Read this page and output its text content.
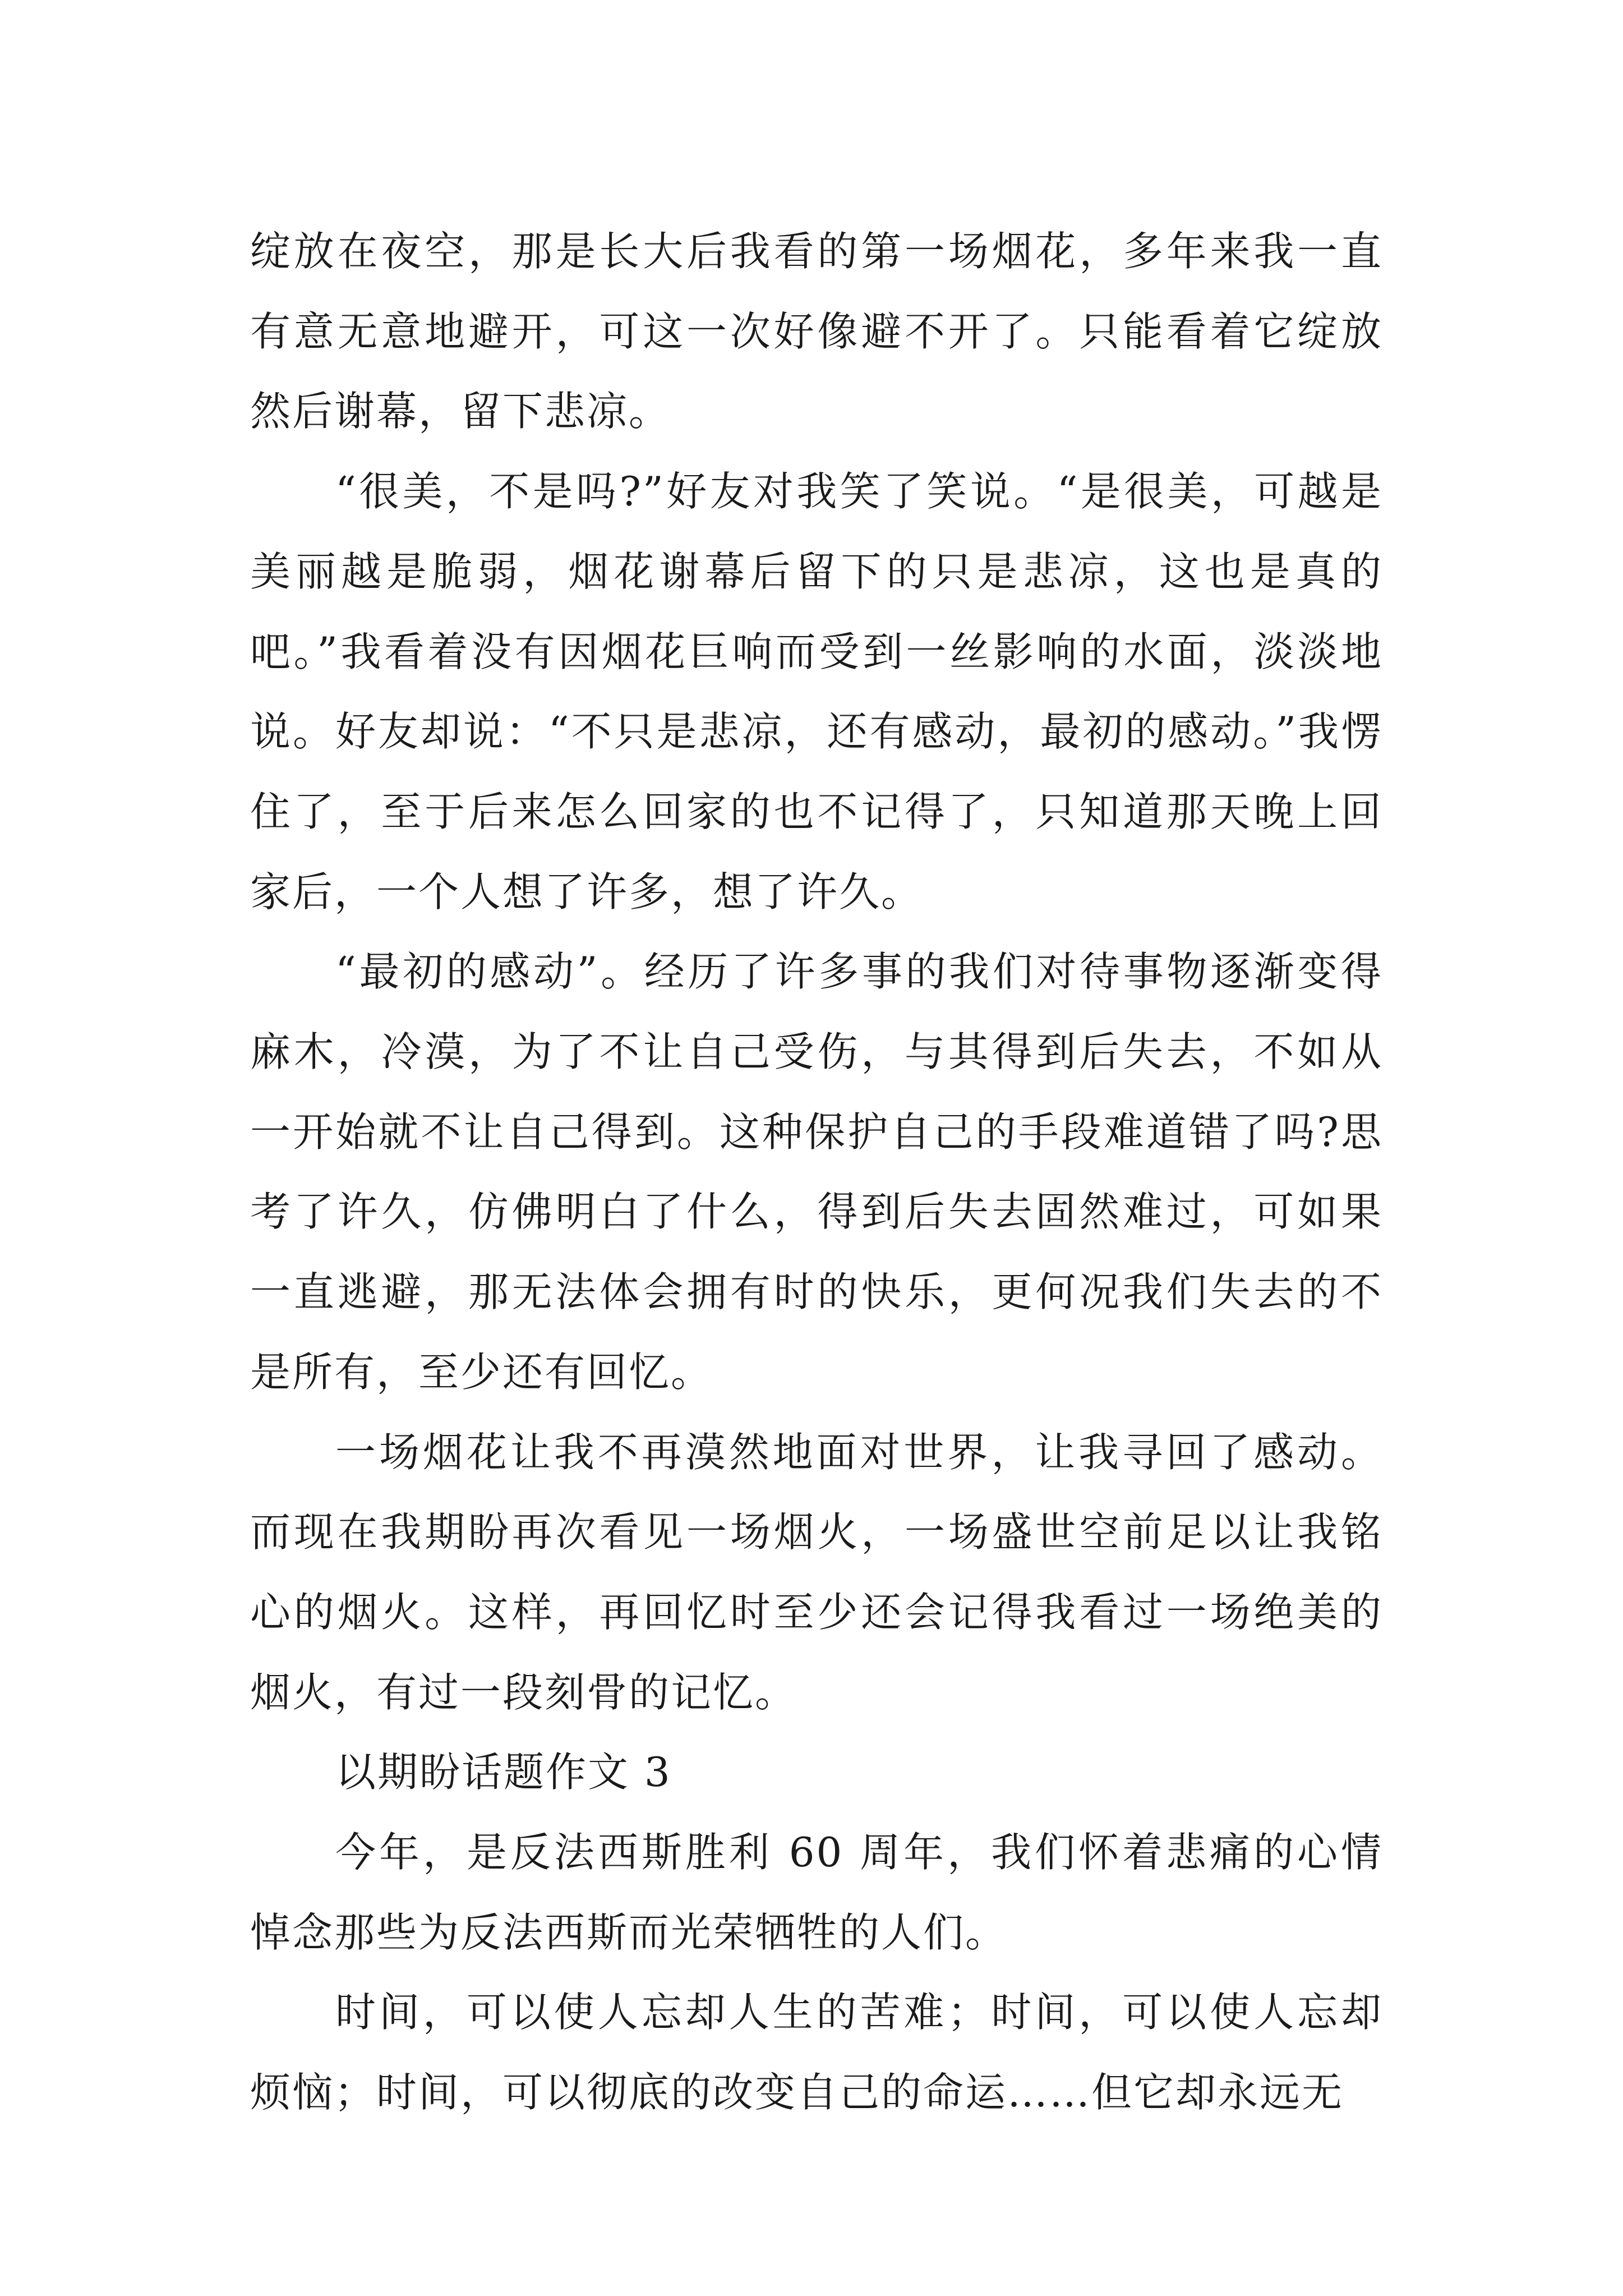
绽放在夜空，那是长大后我看的第一场烟花，多年来我一直有意无意地避开，可这一次好像避不开了。只能看着它绽放然后谢幕，留下悲凉。

“很美，不是吗?”好友对我笑了笑说。“是很美，可越是美丽越是脆弱，烟花谢幕后留下的只是悲凉，这也是真的吧。”我看着没有因烟花巨响而受到一丝影响的水面，淡淡地说。好友却说：“不只是悲凉，还有感动，最初的感动。”我愣住了，至于后来怎么回家的也不记得了，只知道那天晚上回家后，一个人想了许多，想了许久。

“最初的感动”。经历了许多事的我们对待事物逐渐变得麻木，冷漠，为了不让自己受伤，与其得到后失去，不如从一开始就不让自己得到。这种保护自己的手段难道错了吗?思考了许久，仿佛明白了什么，得到后失去固然难过，可如果一直逃避，那无法体会拥有时的快乐，更何况我们失去的不是所有，至少还有回忆。

一场烟花让我不再漠然地面对世界，让我寻回了感动。而现在我期盼再次看见一场烟火，一场盛世空前足以让我铭心的烟火。这样，再回忆时至少还会记得我看过一场绝美的烟火，有过一段刻骨的记忆。

以期盼话题作文 3

今年，是反法西斯胜利 60 周年，我们怀着悲痛的心情悼念那些为反法西斯而光荣牺牲的人们。

时间，可以使人忘却人生的苦难；时间，可以使人忘却烦恼；时间，可以彻底的改变自己的命运……但它却永远无
